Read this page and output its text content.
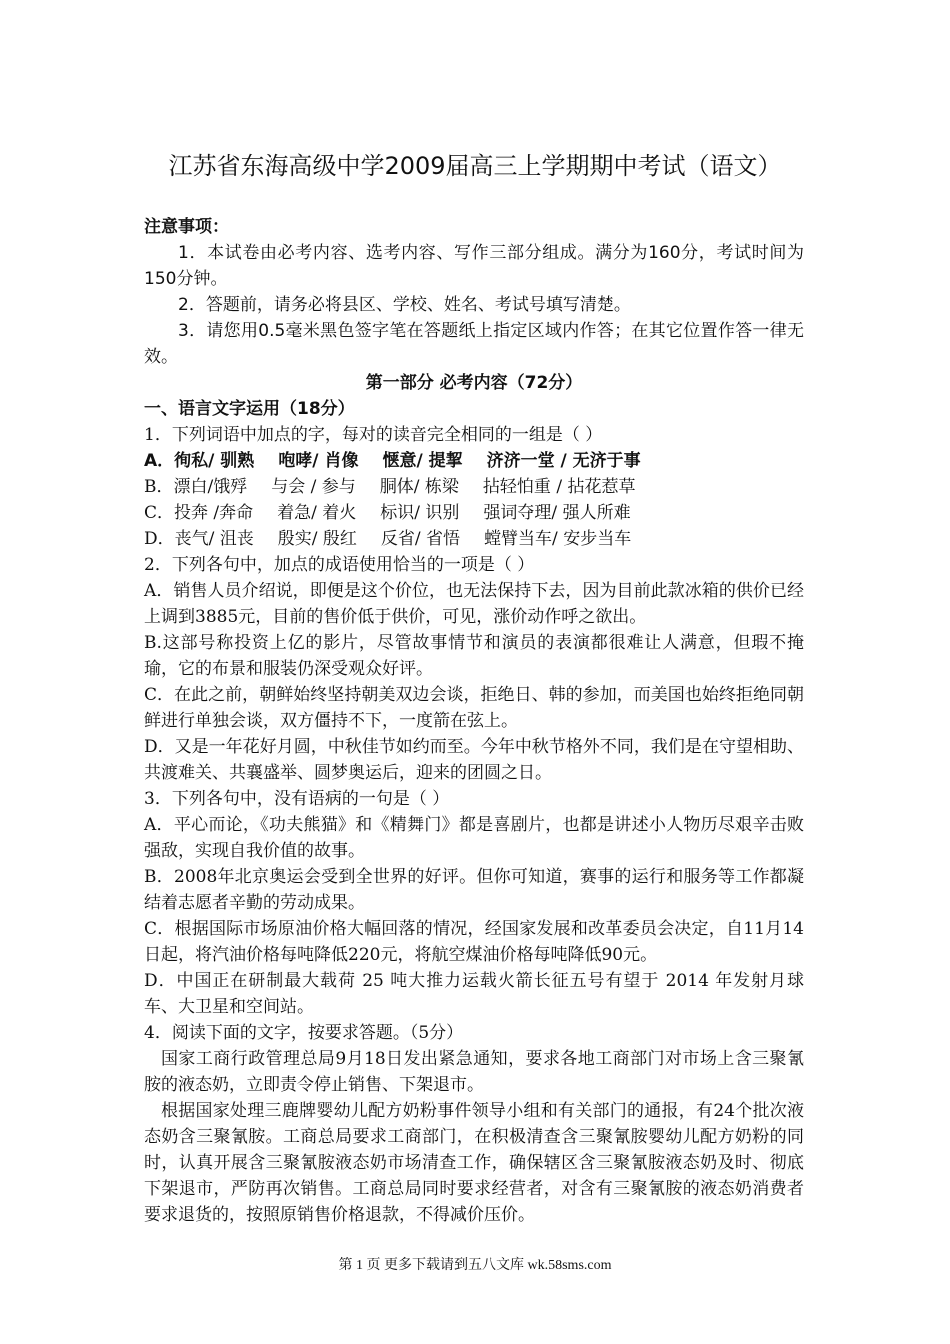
江苏省东海高级中学2009届高三上学期期中考试（语文）

注意事项：

1．本试卷由必考内容、选考内容、写作三部分组成。满分为160分，考试时间为150分钟。

2．答题前，请务必将县区、学校、姓名、考试号填写清楚。

3．请您用0.5毫米黑色签字笔在答题纸上指定区域内作答；在其它位置作答一律无效。

第一部分 必考内容（72分）

一、语言文字运用（18分）

1．下列词语中加点的字，每对的读音完全相同的一组是（ ）

A．徇私/ 驯熟 咆哮/ 肖像 惬意/ 提挈 济济一堂 / 无济于事

B．漂白/饿殍 与会 / 参与 胴体/ 栋梁 拈轻怕重 / 拈花惹草

C．投奔 /奔命 着急/ 着火 标识/ 识别 强词夺理/ 强人所难

D．丧气/ 沮丧 殷实/ 殷红 反省/ 省悟 螳臂当车/ 安步当车

2．下列各句中，加点的成语使用恰当的一项是（ ）

A．销售人员介绍说，即便是这个价位，也无法保持下去，因为目前此款冰箱的供价已经上调到3885元，目前的售价低于供价，可见，涨价动作呼之欲出。

B.这部号称投资上亿的影片，尽管故事情节和演员的表演都很难让人满意，但瑕不掩瑜，它的布景和服装仍深受观众好评。

C．在此之前，朝鲜始终坚持朝美双边会谈，拒绝日、韩的参加，而美国也始终拒绝同朝鲜进行单独会谈，双方僵持不下，一度箭在弦上。

D．又是一年花好月圆，中秋佳节如约而至。今年中秋节格外不同，我们是在守望相助、共渡难关、共襄盛举、圆梦奥运后，迎来的团圆之日。

3．下列各句中，没有语病的一句是（ ）

A．平心而论，《功夫熊猫》和《精舞门》都是喜剧片，也都是讲述小人物历尽艰辛击败强敌，实现自我价值的故事。

B．2008年北京奥运会受到全世界的好评。但你可知道，赛事的运行和服务等工作都凝结着志愿者辛勤的劳动成果。

C．根据国际市场原油价格大幅回落的情况，经国家发展和改革委员会决定，自11月14日起，将汽油价格每吨降低220元，将航空煤油价格每吨降低90元。

D．中国正在研制最大载荷 25 吨大推力运载火箭长征五号有望于 2014 年发射月球车、大卫星和空间站。

4．阅读下面的文字，按要求答题。（5分）

国家工商行政管理总局9月18日发出紧急通知，要求各地工商部门对市场上含三聚氰胺的液态奶，立即责令停止销售、下架退市。

根据国家处理三鹿牌婴幼儿配方奶粉事件领导小组和有关部门的通报，有24个批次液态奶含三聚氰胺。工商总局要求工商部门，在积极清查含三聚氰胺婴幼儿配方奶粉的同时，认真开展含三聚氰胺液态奶市场清查工作，确保辖区含三聚氰胺液态奶及时、彻底下架退市，严防再次销售。工商总局同时要求经营者，对含有三聚氰胺的液态奶消费者要求退货的，按照原销售价格退款，不得减价压价。

第 1 页 更多下载请到五八文库 wk.58sms.com
